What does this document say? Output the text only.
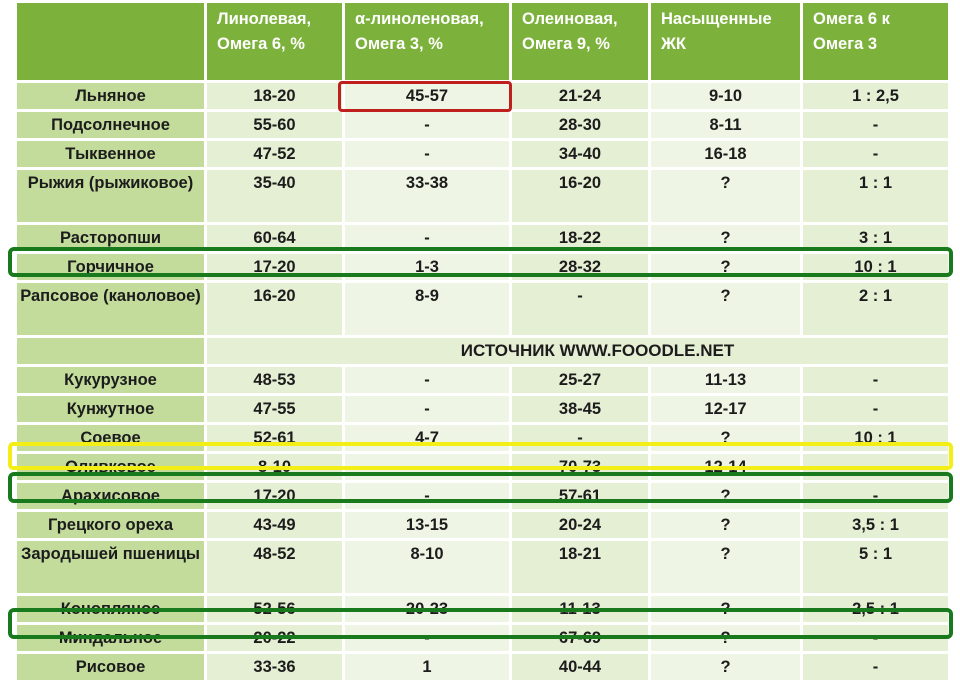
	Линолевая, Омега 6, %	α-линоленовая, Омега 3, %	Олеиновая, Омега 9, %	Насыщенные ЖК	Омега 6 к Омега 3
Льняное	18-20	45-57	21-24	9-10	1 : 2,5
Подсолнечное	55-60	-	28-30	8-11	-
Тыквенное	47-52	-	34-40	16-18	-
Рыжия (рыжиковое)	35-40	33-38	16-20	?	1 : 1
Расторопши	60-64	-	18-22	?	3 : 1
Горчичное	17-20	1-3	28-32	?	10 : 1
Рапсовое (каноловое)	16-20	8-9	-	?	2 : 1
	ИСТОЧНИК WWW.FOOODLE.NET				
Кукурузное	48-53	-	25-27	11-13	-
Кунжутное	47-55	-	38-45	12-17	-
Соевое	52-61	4-7	-	?	10 : 1
Оливковое	8-10	-	70-73	12-14	-
Арахисовое	17-20	-	57-61	?	-
Грецкого ореха	43-49	13-15	20-24	?	3,5 : 1
Зародышей пшеницы	48-52	8-10	18-21	?	5 : 1
Конопляное	52-56	20-23	11-13	?	2,5 : 1
Миндальное	20-22	-	67-69	?	-
Рисовое	33-36	1	40-44	?	-
